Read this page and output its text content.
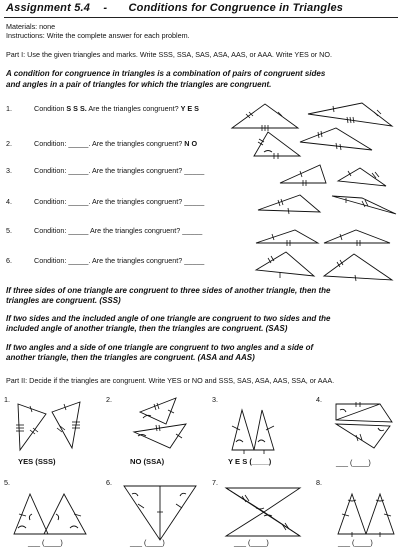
Assignment 5.4 - Conditions for Congruence in Triangles
Materials: none
Instructions: Write the complete answer for each problem.
Part I: Use the given triangles and marks. Write SSS, SSA, SAS, ASA, AAS, or AAA. Write YES or NO.
A condition for congruence in triangles is a combination of pairs of congruent sides
and angles in a pair of triangles for which the triangles are congruent.
1.	Condition S S S. Are the triangles congruent? Y E S
2.	Condition: _____. Are the triangles congruent? N O
3.	Condition: _____. Are the triangles congruent? _____
4.	Condition: _____. Are the triangles congruent? _____
5.	Condition: _____ Are the triangles congruent? _____
6.	Condition: _____. Are the triangles congruent? _____
If three sides of one triangle are congruent to three sides of another triangle, then the
triangles are congruent. (SSS)
If two sides and the included angle of one triangle are congruent to two sides and the
included angle of another triangle, then the triangles are congruent. (SAS)
If two angles and a side of one triangle are congruent to two angles and a side of
another triangle, then the triangles are congruent. (ASA and AAS)
Part II: Decide if the triangles are congruent. Write YES or NO and SSS, SAS, ASA, AAS, SSA, or AAA.
1.	2.	3.	4.
YES (SSS)	NO (SSA)	Y E S (____)	___ (____)
5.	6.	7.	8.
___ (____)	___ (____)	___ (____)	___ (____)
